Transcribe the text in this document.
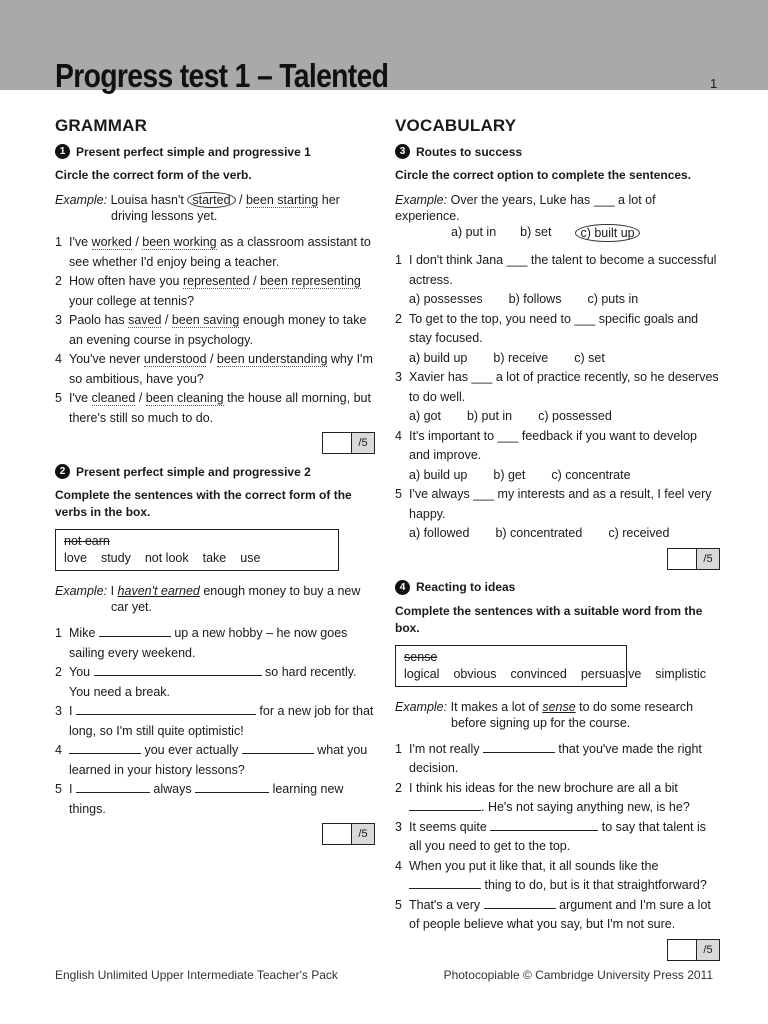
Progress test 1 – Talented	1
GRAMMAR
1 Present perfect simple and progressive 1
Circle the correct form of the verb.
Example: Louisa hasn't started / been starting her
driving lessons yet.
1 I've worked / been working as a classroom assistant to see whether I'd enjoy being a teacher.
2 How often have you represented / been representing your college at tennis?
3 Paolo has saved / been saving enough money to take an evening course in psychology.
4 You've never understood / been understanding why I'm so ambitious, have you?
5 I've cleaned / been cleaning the house all morning, but there's still so much to do.
/5
2 Present perfect simple and progressive 2
Complete the sentences with the correct form of the verbs in the box.
not earn love study not look take use
Example: I haven't earned enough money to buy a new
car yet.
1 Mike	up a new hobby – he now goes sailing every weekend.
2 You	so hard recently. You need a break.
3 I	for a new job for that long, so I'm still quite optimistic!
4	you ever actually	what you learned in your history lessons?
5 I	always	learning new things.
/5
VOCABULARY
3 Routes to success
Circle the correct option to complete the sentences.
Example: Over the years, Luke has ___ a lot of experience.
a) put in b) set	c) built up
1 I don't think Jana ___ the talent to become a successful actress.
a) possesses b) follows c) puts in
2 To get to the top, you need to ___ specific goals and stay focused.
a) build up b) receive c) set
3 Xavier has ___ a lot of practice recently, so he deserves to do well.
a) got b) put in c) possessed
4 It's important to ___ feedback if you want to develop and improve.
a) build up b) get c) concentrate
5 I've always ___ my interests and as a result, I feel very happy.
a) followed b) concentrated c) received
/5
4 Reacting to ideas
Complete the sentences with a suitable word from the box.
sense logical obvious convinced persuasive simplistic
Example: It makes a lot of sense to do some research
before signing up for the course.
1 I'm not really	that you've made the right decision.
2 I think his ideas for the new brochure are all a bit . He's not saying anything new, is he?
3 It seems quite	to say that talent is all you need to get to the top.
4 When you put it like that, it all sounds like the  thing to do, but is it that straightforward?
5 That's a very	argument and I'm sure a lot of people believe what you say, but I'm not sure.
/5
English Unlimited Upper Intermediate Teacher's Pack	Photocopiable © Cambridge University Press 2011
